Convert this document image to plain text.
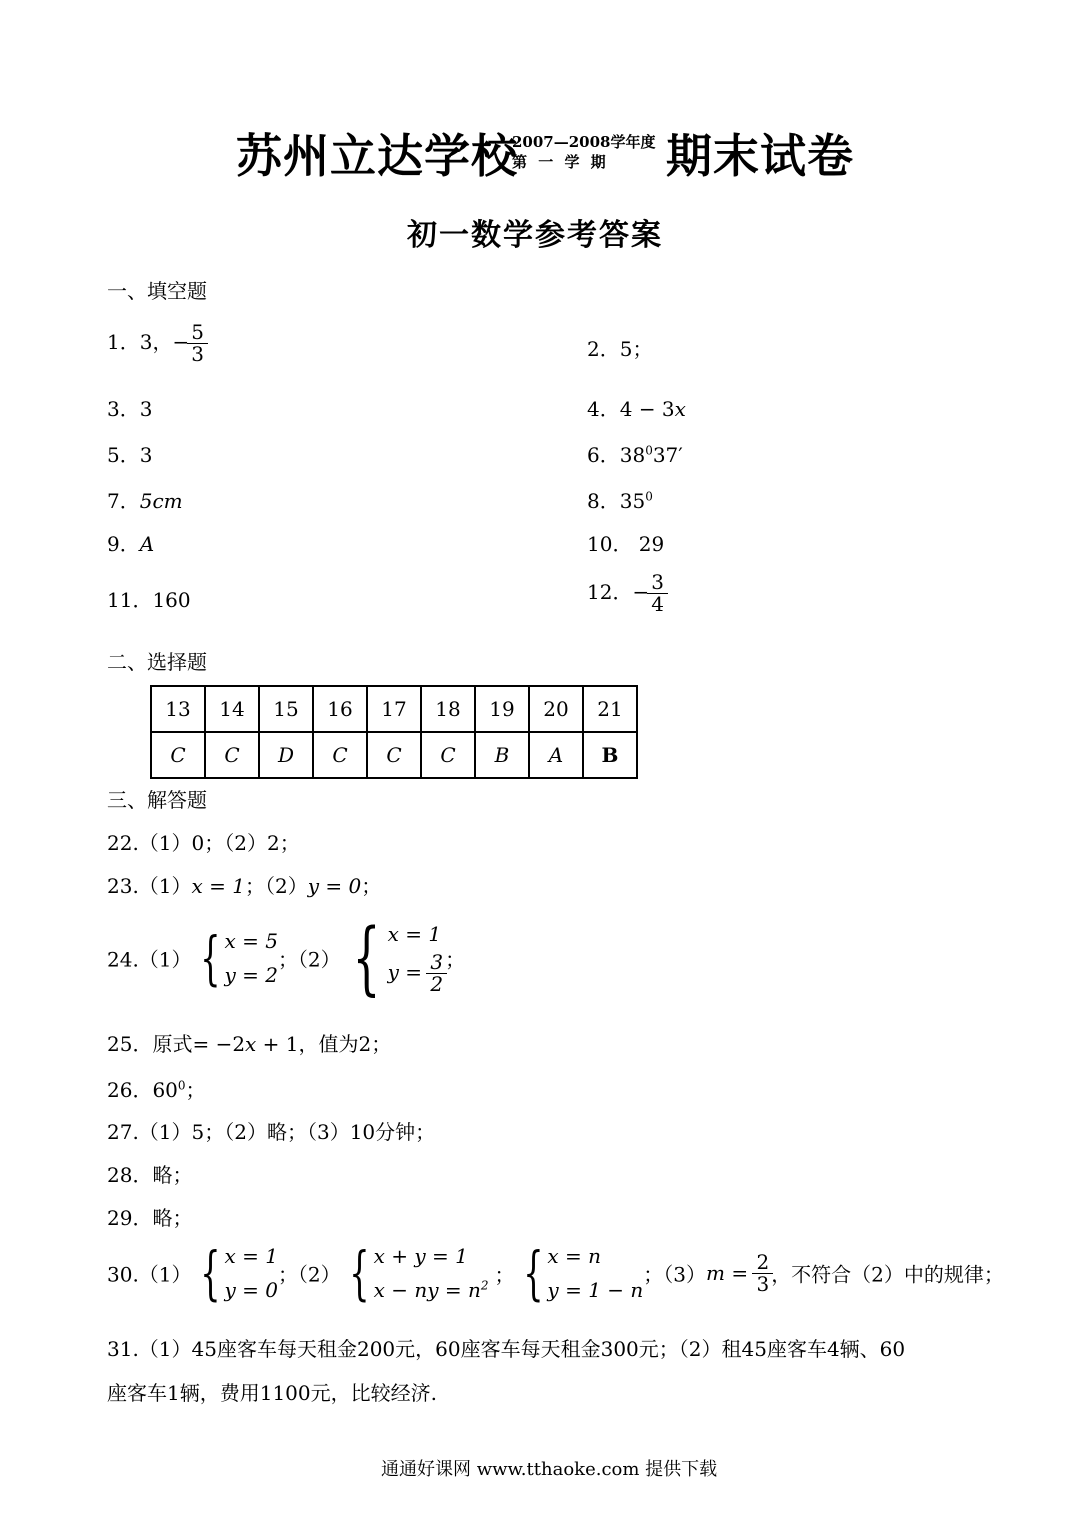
苏州立达学校
2007—2008学年度
第 一 学 期 期末试卷
初一数学参考答案
一、填空题
1．3，− $\frac{5}{3}$	2．5；
3．3	4．4 − 3x
5．3	6．$38^037'$
7．5cm	8．$35^0$
9．A	10． 29
11．160	12．− $\frac{3}{4}$
二、选择题
13	14	15	16	17	18	19	20	21
C	C	D	C	C	C	B	A	B
三、解答题
22.（1）0；（2）2；
23.（1）x = 1；（2）y = 0；
24.（1） { x = 5
y = 2
；（2） { x = 1
$y = \frac{3}{2}$ ；
25．原式= −2x + 1，值为2；
26．$60^0$；
27.（1）5；（2）略；（3）10分钟；
28．略；
29．略；
30.（1） { x = 1
y = 0
；（2） { x + y = 1
x − ny = $n^2$ ； { x = n
y = 1 − n
；$(3)m = \frac{2}{3}$ ，不符合（2）中的规律；
31.（1）45座客车每天租金200元，60座客车每天租金300元；（2）租45座客车4辆、60
座客车1辆，费用1100元，比较经济.
通通好课网 www.tthaoke.com 提供下载
